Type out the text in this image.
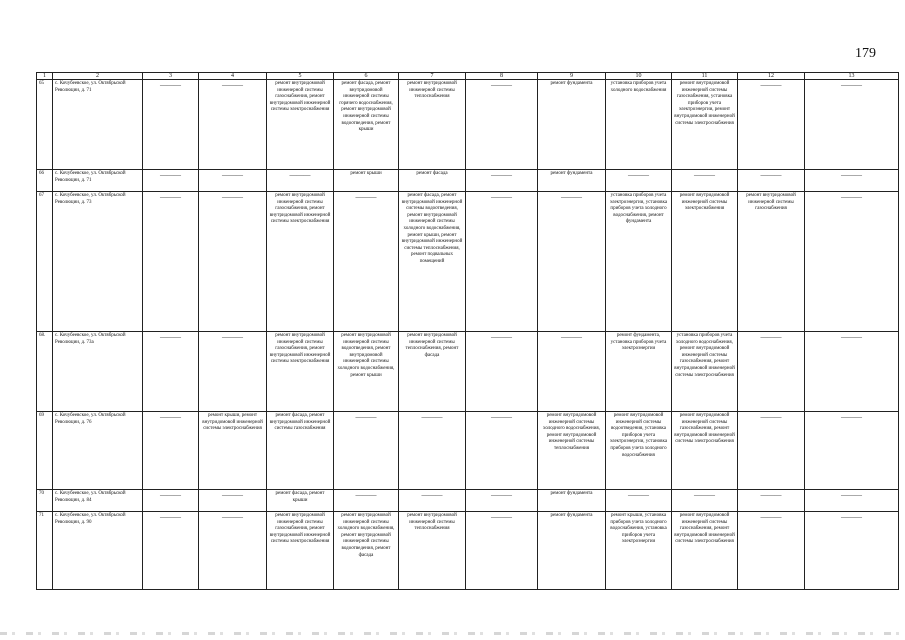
179
1	2	3	4	5	6	7	8	9	10	11	12	13
65	с. Кочубеевское, ул. Октябрьской Революции, д. 71	———	———	ремонт внутридомовой инженерной системы газоснабжения, ремонт внутридомовой инженерной системы электроснабжения	ремонт фасада, ремонт внутридомовой инженерной системы горячего водоснабжения, ремонт внутридомовой инженерной системы водоотведения, ремонт крыши	ремонт внутридомовой инженерной системы теплоснабжения	———	ремонт фундамента	установка приборов учета холодного водоснабжения	ремонт внутридомовой инженерной системы газоснабжения, установка приборов учета электроэнергии, ремонт внутридомовой инженерной системы электроснабжения	———	———

66	с. Кочубеевское, ул. Октябрьской Революции, д. 71	———	———	———	ремонт крыши	ремонт фасада	———	ремонт фундамента	———	———	———	———

67	с. Кочубеевское, ул. Октябрьской Революции, д. 73	———	———	ремонт внутридомовой инженерной системы газоснабжения, ремонт внутридомовой инженерной системы электроснабжения	———	ремонт фасада, ремонт внутридомовой инженерной системы водоотведения, ремонт внутридомовой инженерной системы холодного водоснабжения, ремонт крыши, ремонт внутридомовой инженерной системы теплоснабжения, ремонт подвальных помещений	———	———	установка приборов учета электроэнергии, установка приборов учета холодного водоснабжения, ремонт фундамента	ремонт внутридомовой инженерной системы электроснабжения	ремонт внутридомовой инженерной системы газоснабжения	———

68.	с. Кочубеевское, ул. Октябрьской Революции, д. 73а	———	———	ремонт внутридомовой инженерной системы газоснабжения, ремонт внутридомовой инженерной системы электроснабжения	ремонт внутридомовой инженерной системы водоотведения, ремонт внутридомовой инженерной системы холодного водоснабжения, ремонт крыши	ремонт внутридомовой инженерной системы теплоснабжения, ремонт фасада	———	———	ремонт фундамента, установка приборов учета электроэнергии	установка приборов учета холодного водоснабжения, ремонт внутридомовой инженерной системы газоснабжения, ремонт внутридомовой инженерной системы электроснабжения	———	———

69	с. Кочубеевское, ул. Октябрьской Революции, д. 76	———	ремонт крыши, ремонт внутридомовой инженерной системы электроснабжения	ремонт фасада, ремонт внутридомовой инженерной системы газоснабжения	———	———	———	ремонт внутридомовой инженерной системы холодного водоснабжения, ремонт внутридомовой инженерной системы теплоснабжения	ремонт внутридомовой инженерной системы водоотведения, установка приборов учета электроэнергии, установка приборов учета холодного водоснабжения	ремонт внутридомовой инженерной системы газоснабжения, ремонт внутридомовой инженерной системы электроснабжения	———	———

70	с. Кочубеевское, ул. Октябрьской Революции, д. 84	———	———	ремонт фасада, ремонт крыши	———	———	———	ремонт фундамента	———	———	———	———

71	с. Кочубеевское, ул. Октябрьской Революции, д. 90	———	———	ремонт внутридомовой инженерной системы газоснабжения, ремонт внутридомовой инженерной системы электроснабжения	ремонт внутридомовой инженерной системы холодного водоснабжения, ремонт внутридомовой инженерной системы водоотведения, ремонт фасада	ремонт внутридомовой инженерной системы теплоснабжения	———	ремонт фундамента	ремонт крыши, установка приборов учета холодного водоснабжения, установка приборов учета электроэнергии	ремонт внутридомовой инженерной системы газоснабжения, ремонт внутридомовой инженерной системы электроснабжения	———	———
